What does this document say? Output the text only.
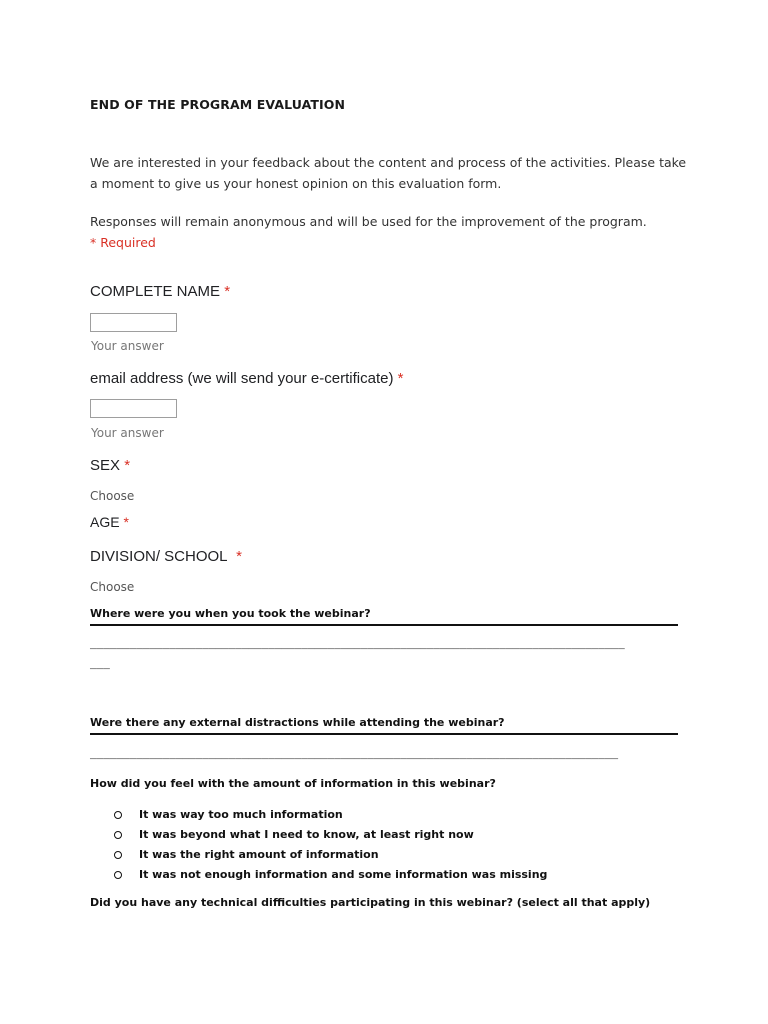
END OF THE PROGRAM EVALUATION
We are interested in your feedback about the content and process of the activities. Please take a moment to give us your honest opinion on this evaluation form.
Responses will remain anonymous and will be used for the improvement of the program.
* Required
COMPLETE NAME *
Your answer
email address (we will send your e-certificate) *
Your answer
SEX *
Choose
AGE *
DIVISION/ SCHOOL *
Choose
Where were you when you took the webinar?
_________________________________________________________________________________
___
Were there any external distractions while attending the webinar?
________________________________________________________________________________
How did you feel with the amount of information in this webinar?
It was way too much information
It was beyond what I need to know, at least right now
It was the right amount of information
It was not enough information and some information was missing
Did you have any technical difficulties participating in this webinar? (select all that apply)
